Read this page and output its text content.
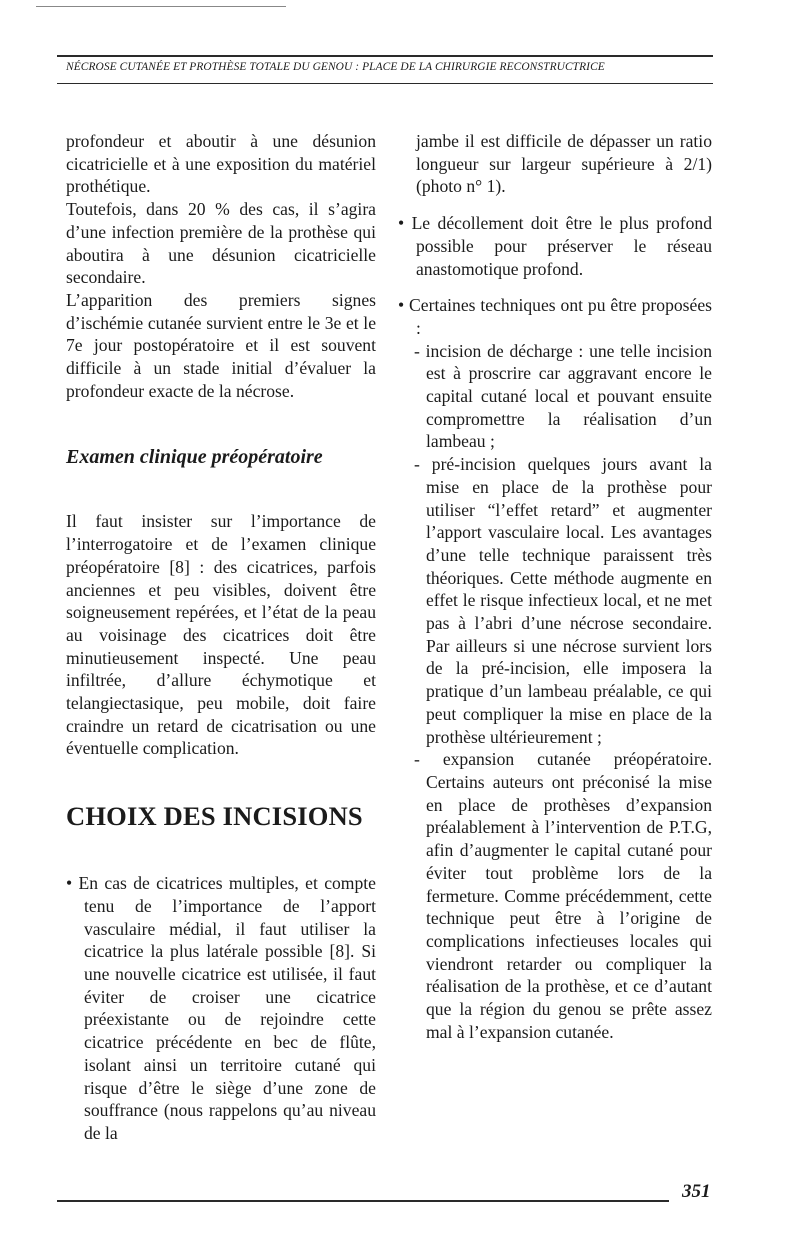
NÉCROSE CUTANÉE ET PROTHÈSE TOTALE DU GENOU : PLACE DE LA CHIRURGIE RECONSTRUCTRICE

profondeur et aboutir à une désunion cicatricielle et à une exposition du matériel prothétique.

Toutefois, dans 20 % des cas, il s’agira d’une infection première de la prothèse qui aboutira à une désunion cicatricielle secondaire.

L’apparition des premiers signes d’ischémie cutanée survient entre le 3e et le 7e jour postopératoire et il est souvent difficile à un stade initial d’évaluer la profondeur exacte de la nécrose.

Examen clinique préopératoire

Il faut insister sur l’importance de l’interrogatoire et de l’examen clinique préopératoire [8] : des cicatrices, parfois anciennes et peu visibles, doivent être soigneusement repérées, et l’état de la peau au voisinage des cicatrices doit être minutieusement inspecté. Une peau infiltrée, d’allure échymotique et telangiectasique, peu mobile, doit faire craindre un retard de cicatrisation ou une éventuelle complication.

CHOIX DES INCISIONS

• En cas de cicatrices multiples, et compte tenu de l’importance de l’apport vasculaire médial, il faut utiliser la cicatrice la plus latérale possible [8]. Si une nouvelle cicatrice est utilisée, il faut éviter de croiser une cicatrice préexistante ou de rejoindre cette cicatrice précédente en bec de flûte, isolant ainsi un territoire cutané qui risque d’être le siège d’une zone de souffrance (nous rappelons qu’au niveau de la

jambe il est difficile de dépasser un ratio longueur sur largeur supérieure à 2/1) (photo n° 1).

• Le décollement doit être le plus profond possible pour préserver le réseau anastomotique profond.

• Certaines techniques ont pu être proposées :

- incision de décharge : une telle incision est à proscrire car aggravant encore le capital cutané local et pouvant ensuite compromettre la réalisation d’un lambeau ;

- pré-incision quelques jours avant la mise en place de la prothèse pour utiliser “l’effet retard” et augmenter l’apport vasculaire local. Les avantages d’une telle technique paraissent très théoriques. Cette méthode augmente en effet le risque infectieux local, et ne met pas à l’abri d’une nécrose secondaire. Par ailleurs si une nécrose survient lors de la pré-incision, elle imposera la pratique d’un lambeau préalable, ce qui peut compliquer la mise en place de la prothèse ultérieurement ;

- expansion cutanée préopératoire. Certains auteurs ont préconisé la mise en place de prothèses d’expansion préalablement à l’intervention de P.T.G, afin d’augmenter le capital cutané pour éviter tout problème lors de la fermeture. Comme précédemment, cette technique peut être à l’origine de complications infectieuses locales qui viendront retarder ou compliquer la réalisation de la prothèse, et ce d’autant que la région du genou se prête assez mal à l’expansion cutanée.

351
